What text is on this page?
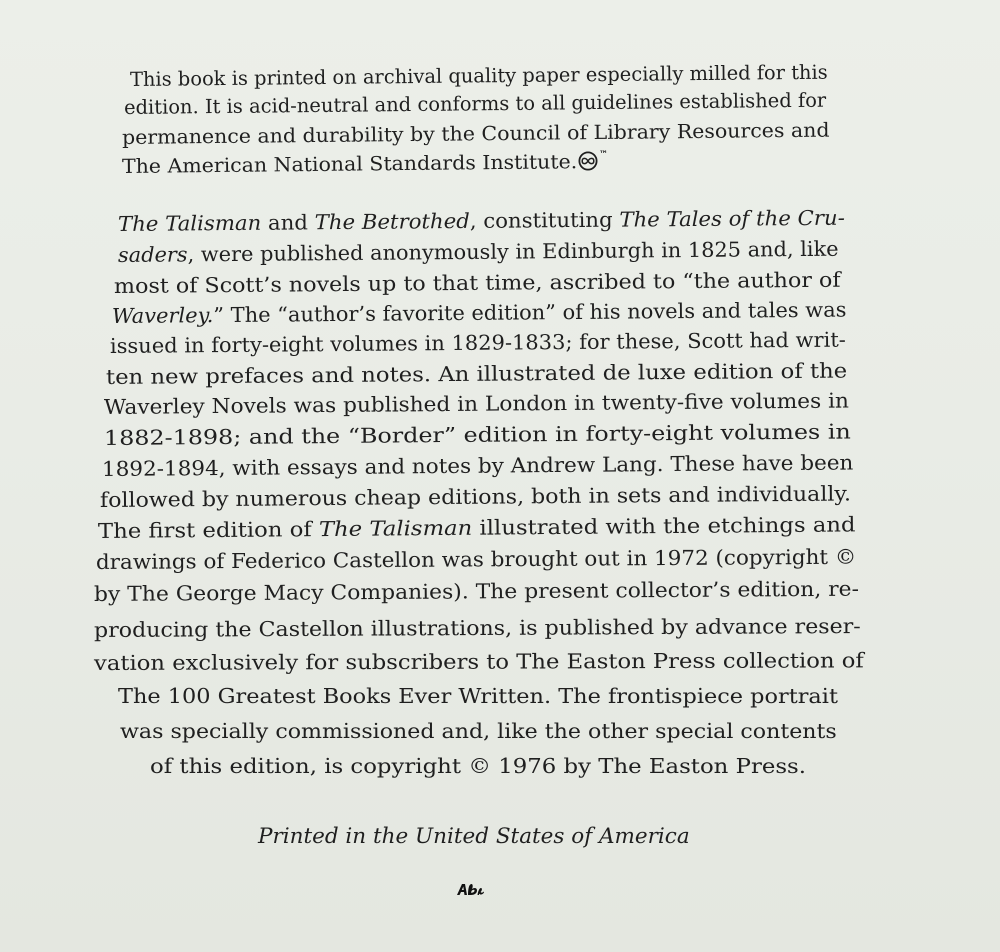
This book is printed on archival quality paper especially milled for this
edition. It is acid-neutral and conforms to all guidelines established for
permanence and durability by the Council of Library Resources and
The American National Standards Institute. ™
The Talisman and The Betrothed, constituting The Tales of the Cru-
saders, were published anonymously in Edinburgh in 1825 and, like
most of Scott’s novels up to that time, ascribed to “the author of
Waverley.” The “author’s favorite edition” of his novels and tales was
issued in forty-eight volumes in 1829-1833; for these, Scott had writ-
ten new prefaces and notes. An illustrated de luxe edition of the
Waverley Novels was published in London in twenty-five volumes in
1882-1898; and the “Border” edition in forty-eight volumes in
1892-1894, with essays and notes by Andrew Lang. These have been
followed by numerous cheap editions, both in sets and individually.
The first edition of The Talisman illustrated with the etchings and
drawings of Federico Castellon was brought out in 1972 (copyright ©
by The George Macy Companies). The present collector’s edition, re-
producing the Castellon illustrations, is published by advance reser-
vation exclusively for subscribers to The Easton Press collection of
The 100 Greatest Books Ever Written. The frontispiece portrait
was specially commissioned and, like the other special contents
of this edition, is copyright © 1976 by The Easton Press.
Printed in the United States of America
